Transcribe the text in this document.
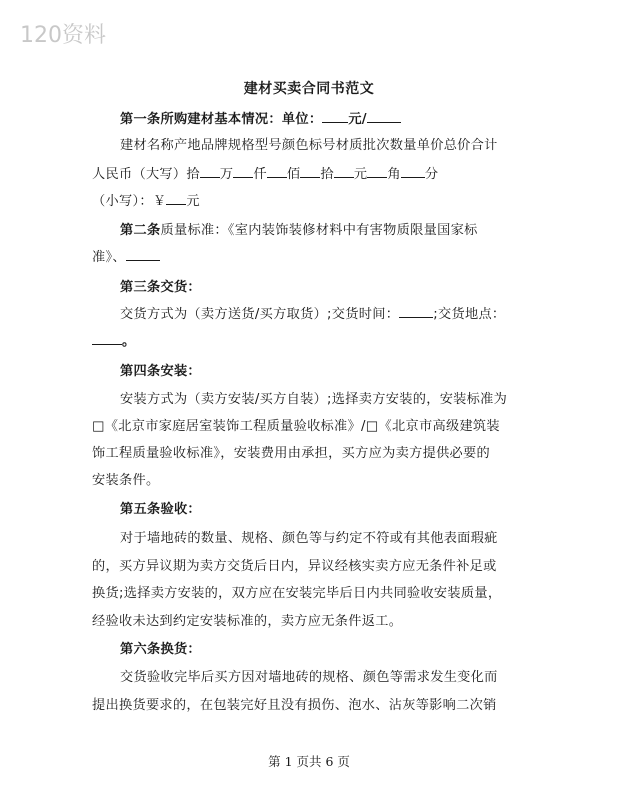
120资料
建材买卖合同书范文
第一条所购建材基本情况：单位： 元/
建材名称产地品牌规格型号颜色标号材质批次数量单价总价合计
人民币（大写）拾 万 仟 佰 拾 元 角 分
（小写）：￥ 元
第二条质量标准：《室内装饰装修材料中有害物质限量国家标
准》、
第三条交货：
交货方式为（卖方送货/买方取货）;交货时间：	;交货地点：
。
第四条安装：
安装方式为（卖方安装/买方自装）;选择卖方安装的，安装标准为
□《北京市家庭居室装饰工程质量验收标准》/□《北京市高级建筑装
饰工程质量验收标准》，安装费用由承担，买方应为卖方提供必要的
安装条件。
第五条验收：
对于墙地砖的数量、规格、颜色等与约定不符或有其他表面瑕疵
的，买方异议期为卖方交货后日内，异议经核实卖方应无条件补足或
换货;选择卖方安装的，双方应在安装完毕后日内共同验收安装质量，
经验收未达到约定安装标准的，卖方应无条件返工。
第六条换货：
交货验收完毕后买方因对墙地砖的规格、颜色等需求发生变化而
提出换货要求的，在包装完好且没有损伤、泡水、沾灰等影响二次销
第 1 页共 6 页
